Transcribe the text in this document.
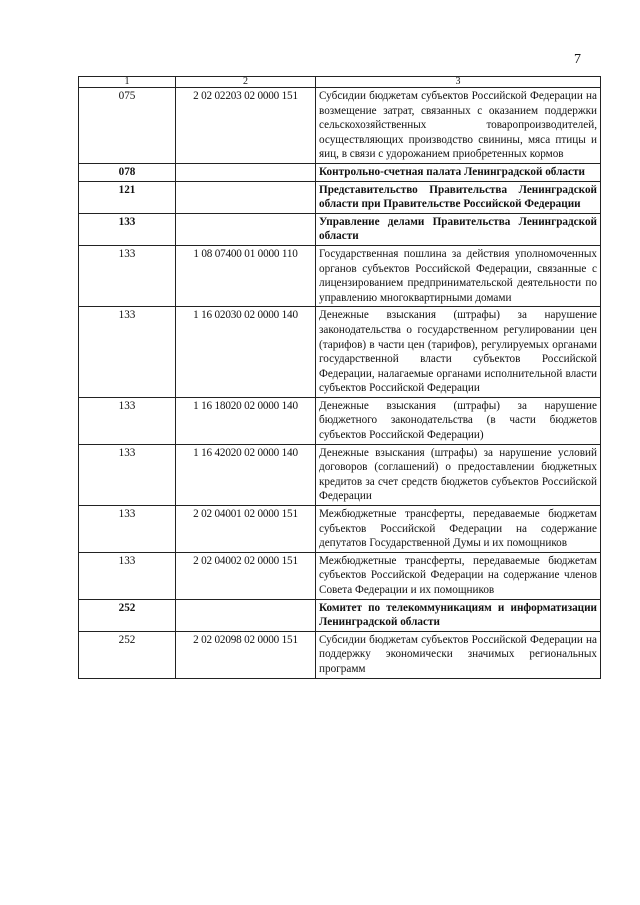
7
1	2	3
075	2 02 02203 02 0000 151	Субсидии бюджетам субъектов Российской Федерации на возмещение затрат, связанных с оказанием поддержки сельскохозяйственных товаропроизводителей, осуществляющих производство свинины, мяса птицы и яиц, в связи с удорожанием приобретенных кормов
078		Контрольно-счетная палата Ленинградской области
121		Представительство Правительства Ленинградской области при Правительстве Российской Федерации
133		Управление делами Правительства Ленинградской области
133	1 08 07400 01 0000 110	Государственная пошлина за действия уполномоченных органов субъектов Российской Федерации, связанные с лицензированием предпринимательской деятельности по управлению многоквартирными домами
133	1 16 02030 02 0000 140	Денежные взыскания (штрафы) за нарушение законодательства о государственном регулировании цен (тарифов) в части цен (тарифов), регулируемых органами государственной власти субъектов Российской Федерации, налагаемые органами исполнительной власти субъектов Российской Федерации
133	1 16 18020 02 0000 140	Денежные взыскания (штрафы) за нарушение бюджетного законодательства (в части бюджетов субъектов Российской Федерации)
133	1 16 42020 02 0000 140	Денежные взыскания (штрафы) за нарушение условий договоров (соглашений) о предоставлении бюджетных кредитов за счет средств бюджетов субъектов Российской Федерации
133	2 02 04001 02 0000 151	Межбюджетные трансферты, передаваемые бюджетам субъектов Российской Федерации на содержание депутатов Государственной Думы и их помощников
133	2 02 04002 02 0000 151	Межбюджетные трансферты, передаваемые бюджетам субъектов Российской Федерации на содержание членов Совета Федерации и их помощников
252		Комитет по телекоммуникациям и информатизации Ленинградской области
252	2 02 02098 02 0000 151	Субсидии бюджетам субъектов Российской Федерации на поддержку экономически значимых региональных программ
